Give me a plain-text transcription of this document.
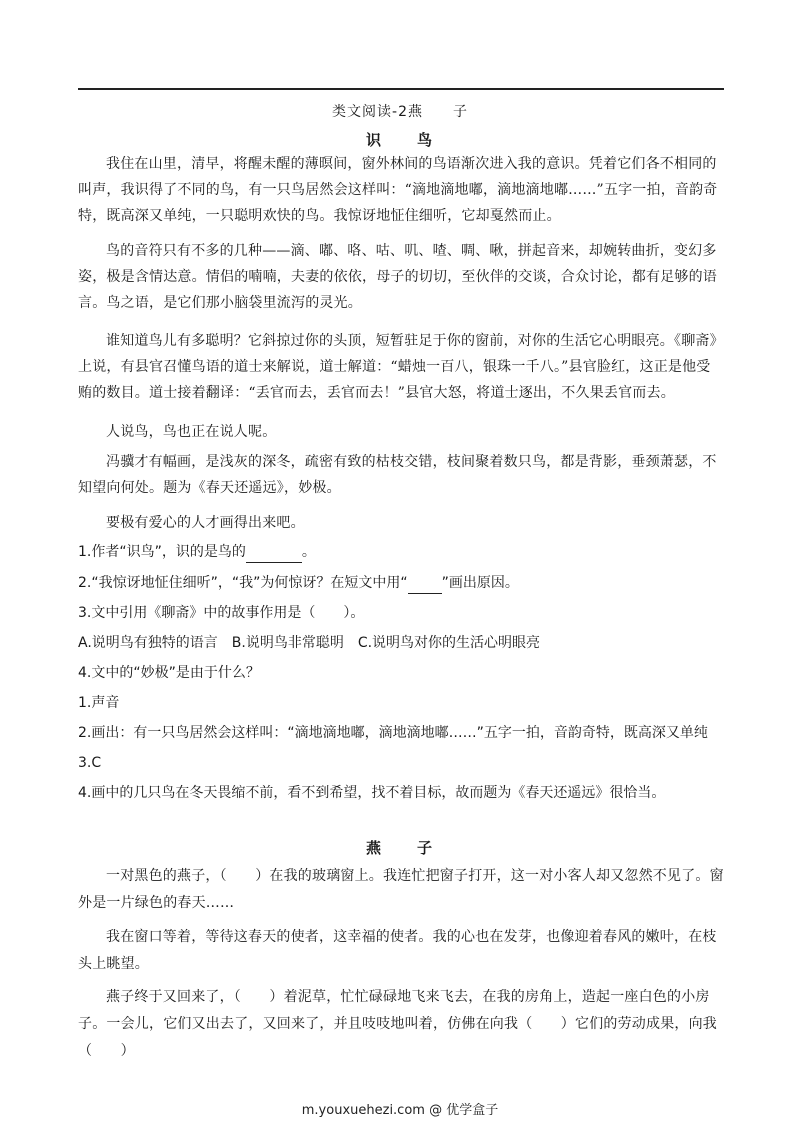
类文阅读-2燕　　子
识　　鸟
我住在山里，清早，将醒未醒的薄暝间，窗外林间的鸟语渐次进入我的意识。凭着它们各不相同的叫声，我识得了不同的鸟，有一只鸟居然会这样叫：“滴地滴地嘟，滴地滴地嘟……”五字一拍，音韵奇特，既高深又单纯，一只聪明欢快的鸟。我惊讶地怔住细听，它却戛然而止。
鸟的音符只有不多的几种——滴、嘟、咯、咕、叽、喳、啁、啾，拼起音来，却婉转曲折，变幻多姿，极是含情达意。情侣的喃喃，夫妻的依依，母子的切切，至伙伴的交谈，合众讨论，都有足够的语言。鸟之语，是它们那小脑袋里流泻的灵光。
谁知道鸟儿有多聪明？它斜掠过你的头顶，短暂驻足于你的窗前，对你的生活它心明眼亮。《聊斋》上说，有县官召懂鸟语的道士来解说，道士解道：“蜡烛一百八，银珠一千八。”县官脸红，这正是他受贿的数目。道士接着翻译：“丢官而去，丢官而去！”县官大怒，将道士逐出，不久果丢官而去。
人说鸟，鸟也正在说人呢。
冯骥才有幅画，是浅灰的深冬，疏密有致的枯枝交错，枝间聚着数只鸟，都是背影，垂颈萧瑟，不知望向何处。题为《春天还遥远》，妙极。
要极有爱心的人才画得出来吧。
1.作者“识鸟”，识的是鸟的	。
2.“我惊讶地怔住细听”，“我”为何惊讶？在短文中用“ ”画出原因。
3.文中引用《聊斋》中的故事作用是（　　）。
A.说明鸟有独特的语言　B.说明鸟非常聪明　C.说明鸟对你的生活心明眼亮
4.文中的“妙极”是由于什么？
1.声音
2.画出：有一只鸟居然会这样叫：“滴地滴地嘟，滴地滴地嘟……”五字一拍，音韵奇特，既高深又单纯
3.C
4.画中的几只鸟在冬天畏缩不前，看不到希望，找不着目标，故而题为《春天还遥远》很恰当。
燕　　子
一对黑色的燕子，（　　）在我的玻璃窗上。我连忙把窗子打开，这一对小客人却又忽然不见了。窗外是一片绿色的春天……
我在窗口等着，等待这春天的使者，这幸福的使者。我的心也在发芽，也像迎着春风的嫩叶，在枝头上眺望。
燕子终于又回来了，（　　）着泥草，忙忙碌碌地飞来飞去，在我的房角上，造起一座白色的小房子。一会儿，它们又出去了，又回来了，并且吱吱地叫着，仿佛在向我（　　）它们的劳动成果，向我（　　）
m.youxuehezi.com @ 优学盒子
